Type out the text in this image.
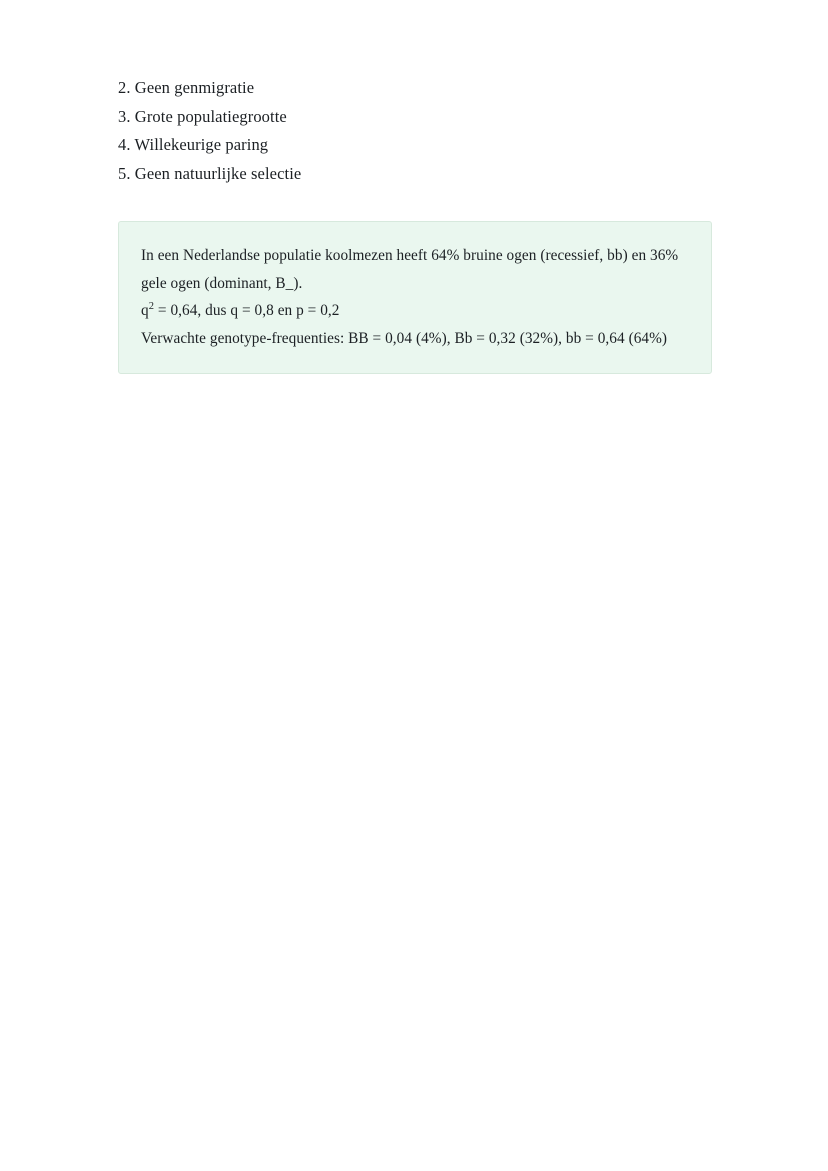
2. Geen genmigratie
3. Grote populatiegrootte
4. Willekeurige paring
5. Geen natuurlijke selectie
In een Nederlandse populatie koolmezen heeft 64% bruine ogen (recessief, bb) en 36% gele ogen (dominant, B_).
$q^2 = 0,64$, dus q = 0,8 en p = 0,2
Verwachte genotype-frequenties: BB = 0,04 (4%), Bb = 0,32 (32%), bb = 0,64 (64%)
